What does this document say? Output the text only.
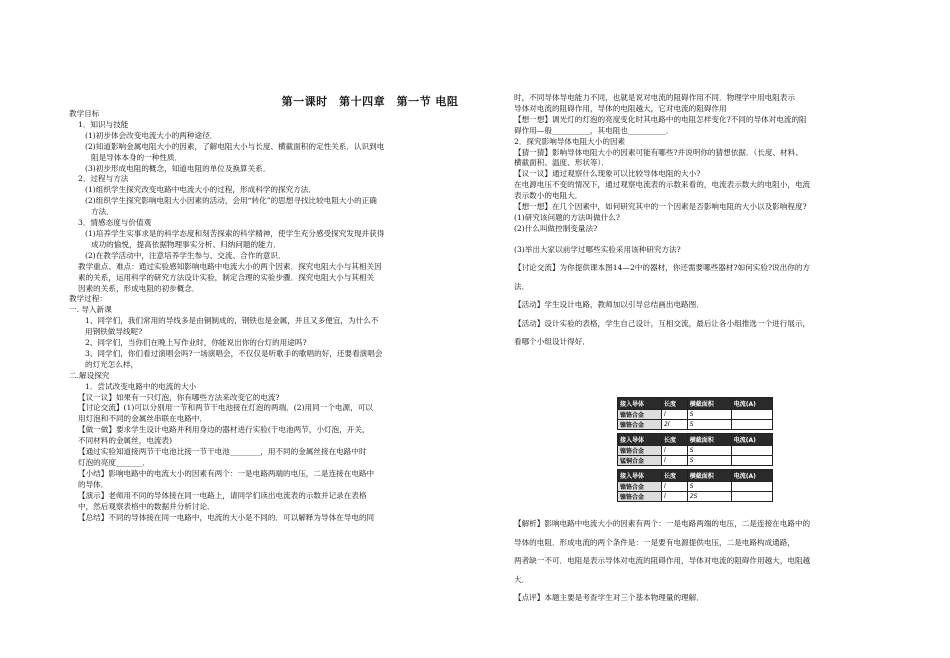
第一课时　第十四章　第一节 电阻

教学目标

1．知识与技能

(1)初步体会改变电流大小的两种途径．

(2)知道影响金属电阻大小的因素，了解电阻大小与长度、横截面积的定性关系．认识到电

阻是导体本身的一种性质．

(3)初步形成电阻的概念，知道电阻的单位及换算关系．

2．过程与方法

(1)组织学生探究改变电路中电流大小的过程，形成科学的探究方法．

(2)组织学生探究影响电阻大小因素的活动，会用“转化”的思想寻找比较电阻大小的正确

方法．

3．情感态度与价值观

(1)培养学生实事求是的科学态度和刻苦探索的科学精神，使学生充分感受探究发现并获得

成功的愉悦，提高依据物理事实分析、归纳问题的能力．

(2)在教学活动中，注意培养学生参与、交流、合作的意识．

教学重点、难点：通过实验感知影响电路中电流大小的两个因素．探究电阻大小与其相关因

素的关系，运用科学的研究方法设计实验，制定合理的实验步骤．探究电阻大小与其相关

因素的关系，形成电阻的初步概念．

教学过程：

一. 导入新课

1、同学们，我们常用的导线多是由铜制成的，钢铁也是金属，并且又多便宜，为什么不

用钢铁做导线呢?

2、同学们，当你们在晚上写作业时，你能说出你的台灯的用途吗?

3、同学们，你们看过演唱会吗?一场演唱会，不仅仅是听歌手的歌唱的好，还要看演唱会

的灯光怎么样，

二.解设探究

1．尝试改变电路中的电流的大小

【议一议】如果有一只灯泡，你有哪些方法来改变它的电流?

【讨论交流】(1)可以分别用一节和两节干电池接在灯泡的两端．(2)用同一个电源，可以

用灯泡和不同的金属丝串联在电路中．

【做一做】要求学生设计电路并利用身边的器材进行实验(干电池两节，小灯泡，开关，

不同材料的金属丝，电流表)

【通过实验知道接两节干电池比接一节干电池________，用不同的金属丝接在电路中时

灯泡的亮度_______．

【小结】影响电路中的电流大小的因素有两个：一是电路两端的电压，二是连接在电路中

的导体．

【演示】老师用不同的导体接在同一电路上，请同学们读出电流表的示数并记录在表格

中，然后观察表格中的数据并分析讨论．

【总结】不同的导体接在同一电路中，电流的大小是不同的．可以解释为导体在导电的同

时，不同导体导电能力不同，也就是说对电流的阻碍作用不同．物理学中用电阻表示

导体对电流的阻碍作用，导体的电阻越大，它对电流的阻碍作用

【想一想】调光灯的灯泡的亮度变化时其电路中的电阻怎样变化?不同的导体对电流的阻

碍作用—般__________，其电阻也__________．

2．探究影响导体电阻大小的因素

【猜一猜】影响导体电阻大小的因素可能有哪些?并说明你的猜想依据．（长度、材料、

横截面积、温度、形状等）．

【议一议】通过观察什么现象可以比较导体电阻的大小?

在电源电压不变的情况下，通过观察电流表的示数来看的，电流表示数大的电阻小，电流

表示数小的电阻大．

【想一想】在几个因素中，如何研究其中的一个因素是否影响电阻的大小以及影响程度?

(1)研究该问题的方法叫做什么?

(2)什么叫做控制变量法?

(3)举出大家以前学过哪些实验采用该种研究方法?

【讨论交流】为你提供课本图14—2中的器材，你还需要哪些器材?如何实验?说出你的方

法．

【活动】学生设计电路，教师加以引导总结画出电路图．

【活动】设计实验的表格，学生自己设计，互相交流，最后让各小组推选一个进行展示，

看哪个小组设计得好．

接入导体	长度	横截面积	电流(A)
镍铬合金	l	S	
镍铬合金	2l	S	
接入导体	长度	横截面积	电流(A)
镍铬合金	l	S	
锰铜合金	l	S	
接入导体	长度	横截面积	电流(A)
镍铬合金	l	S	
镍铬合金	l	2S	

【解析】影响电路中电流大小的因素有两个：一是电路两端的电压，二是连接在电路中的

导体的电阻．形成电流的两个条件是：一是要有电源提供电压，二是电路构成通路，

两者缺一不可．电阻是表示导体对电流的阻碍作用，导体对电流的阻碍作用越大，电阻越

大．

【点评】本题主要是考查学生对三个基本物理量的理解．
